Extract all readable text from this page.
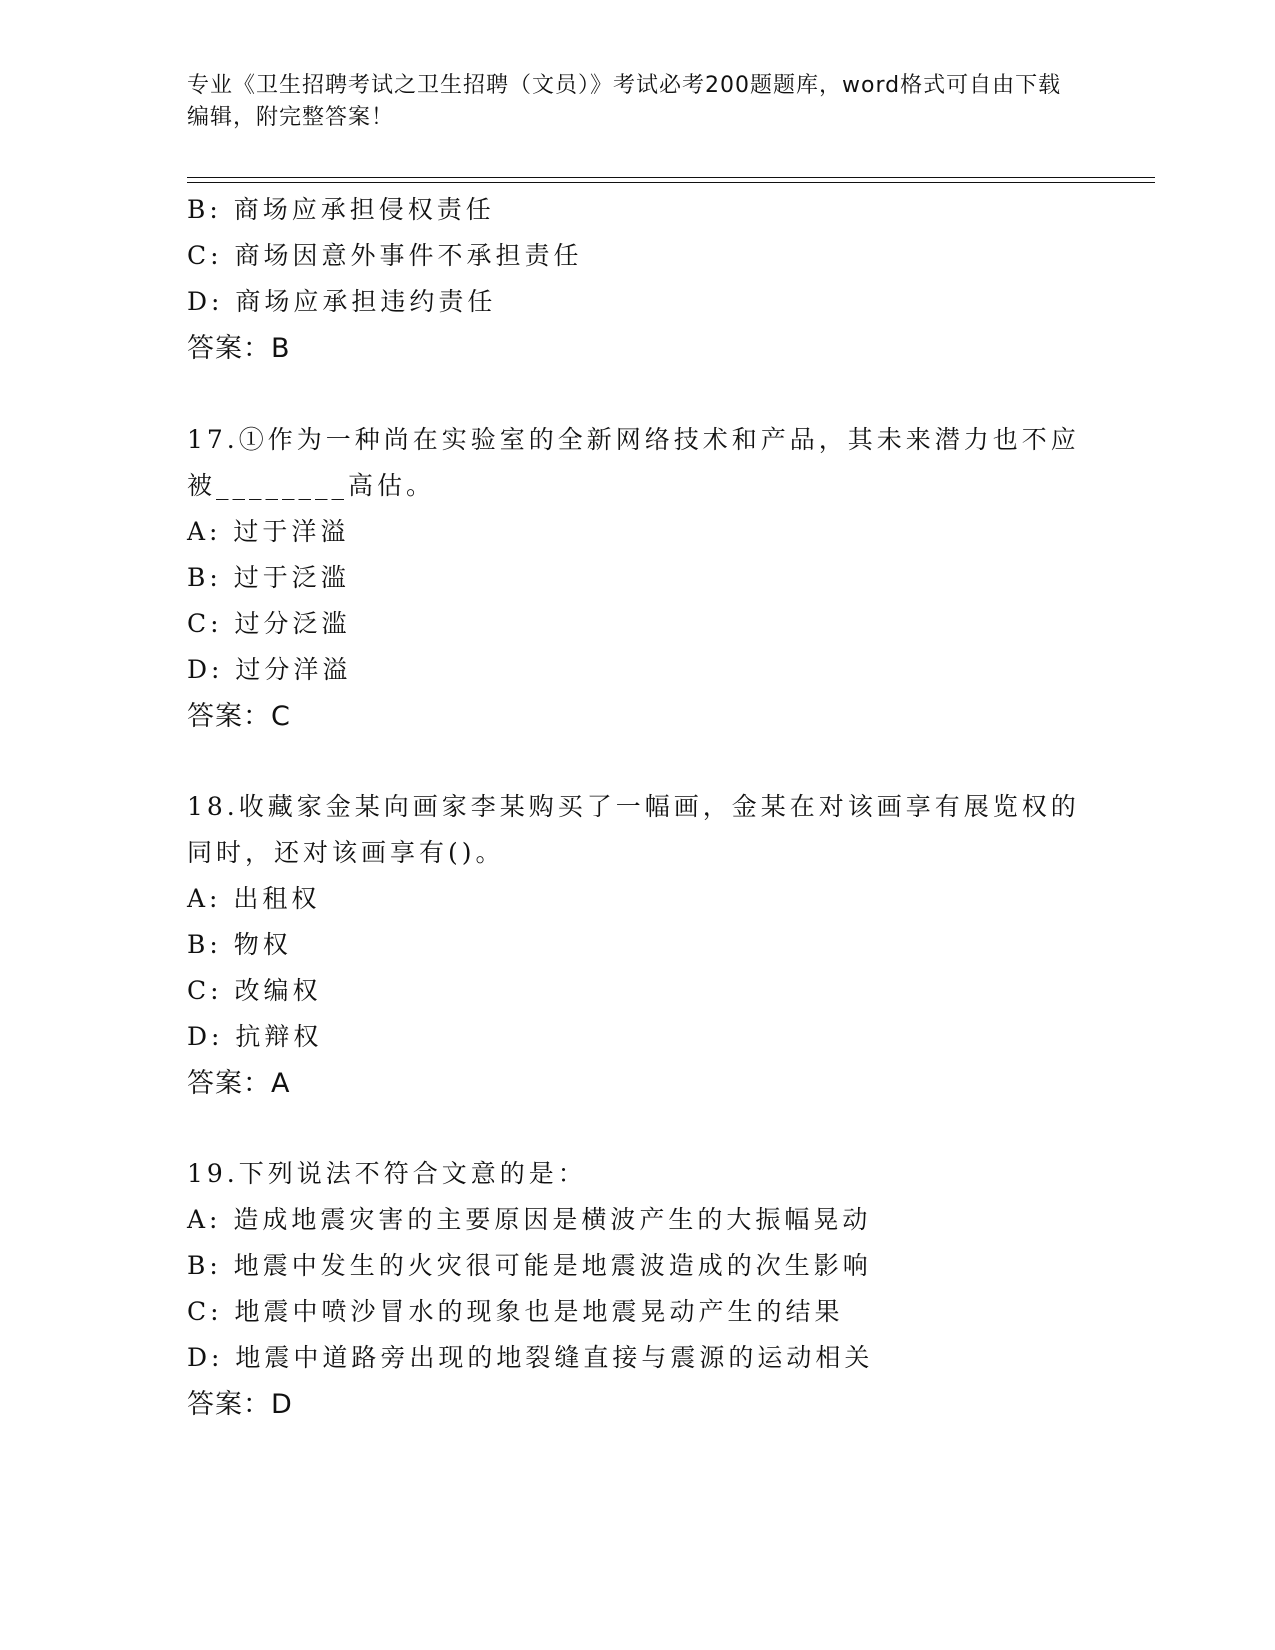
专业《卫生招聘考试之卫生招聘（文员）》考试必考200题题库，word格式可自由下载编辑，附完整答案！
B: 商场应承担侵权责任
C: 商场因意外事件不承担责任
D: 商场应承担违约责任
答案：B
17.①作为一种尚在实验室的全新网络技术和产品，其未来潜力也不应
被________高估。
A: 过于洋溢
B: 过于泛滥
C: 过分泛滥
D: 过分洋溢
答案：C
18.收藏家金某向画家李某购买了一幅画，金某在对该画享有展览权的
同时，还对该画享有()。
A: 出租权
B: 物权
C: 改编权
D: 抗辩权
答案：A
19.下列说法不符合文意的是：
A: 造成地震灾害的主要原因是横波产生的大振幅晃动
B: 地震中发生的火灾很可能是地震波造成的次生影响
C: 地震中喷沙冒水的现象也是地震晃动产生的结果
D: 地震中道路旁出现的地裂缝直接与震源的运动相关
答案：D
